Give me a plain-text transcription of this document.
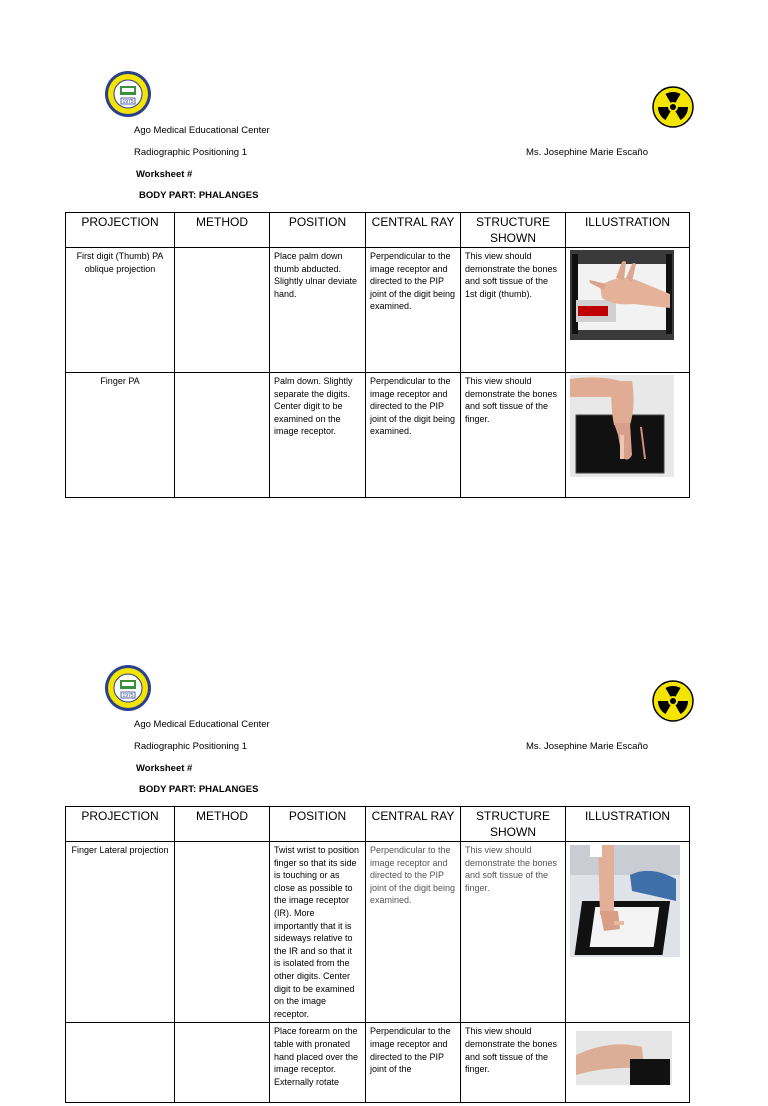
1975
Ago Medical Educational Center
Radiographic Positioning 1	Ms. Josephine Marie Escaño
Worksheet #
BODY PART: PHALANGES
PROJECTION	METHOD	POSITION	CENTRAL RAY	STRUCTURE SHOWN	ILLUSTRATION
First digit (Thumb) PA oblique projection		Place palm down thumb abducted. Slightly ulnar deviate hand.	Perpendicular to the image receptor and directed to the PIP joint of the digit being examined.	This view should demonstrate the bones and soft tissue of the 1st digit (thumb).	

Finger PA		Palm down. Slightly separate the digits. Center digit to be examined on the image receptor.	Perpendicular to the image receptor and directed to the PIP joint of the digit being examined.	This view should demonstrate the bones and soft tissue of the finger.	
1975
Ago Medical Educational Center
Radiographic Positioning 1	Ms. Josephine Marie Escaño
Worksheet #
BODY PART: PHALANGES
PROJECTION	METHOD	POSITION	CENTRAL RAY	STRUCTURE SHOWN	ILLUSTRATION
Finger Lateral projection		Twist wrist to position finger so that its side is touching or as close as possible to the image receptor (IR). More importantly that it is sideways relative to the IR and so that it is isolated from the other digits. Center digit to be examined on the image receptor.	Perpendicular to the image receptor and directed to the PIP joint of the digit being examined.	This view should demonstrate the bones and soft tissue of the finger.	

		Place forearm on the table with pronated hand placed over the image receptor. Externally rotate	Perpendicular to the image receptor and directed to the PIP joint of the	This view should demonstrate the bones and soft tissue of the finger.	
